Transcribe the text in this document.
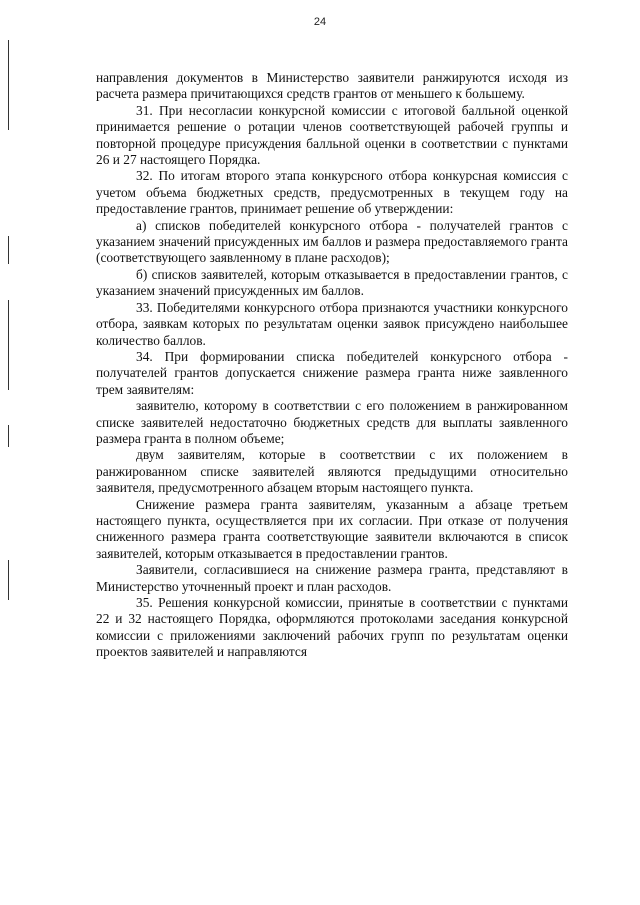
24

направления документов в Министерство заявители ранжируются исходя из расчета размера причитающихся средств грантов от меньшего к большему.

31. При несогласии конкурсной комиссии с итоговой балльной оценкой принимается решение о ротации членов соответствующей рабочей группы и повторной процедуре присуждения балльной оценки в соответствии с пунктами 26 и 27 настоящего Порядка.

32. По итогам второго этапа конкурсного отбора конкурсная комиссия с учетом объема бюджетных средств, предусмотренных в текущем году на предоставление грантов, принимает решение об утверждении:

а) списков победителей конкурсного отбора - получателей грантов с указанием значений присужденных им баллов и размера предоставляемого гранта (соответствующего заявленному в плане расходов);

б) списков заявителей, которым отказывается в предоставлении грантов, с указанием значений присужденных им баллов.

33. Победителями конкурсного отбора признаются участники конкурсного отбора, заявкам которых по результатам оценки заявок присуждено наибольшее количество баллов.

34. При формировании списка победителей конкурсного отбора - получателей грантов допускается снижение размера гранта ниже заявленного трем заявителям:

заявителю, которому в соответствии с его положением в ранжированном списке заявителей недостаточно бюджетных средств для выплаты заявленного размера гранта в полном объеме;

двум заявителям, которые в соответствии с их положением в ранжированном списке заявителей являются предыдущими относительно заявителя, предусмотренного абзацем вторым настоящего пункта.

Снижение размера гранта заявителям, указанным а абзаце третьем настоящего пункта, осуществляется при их согласии. При отказе от получения сниженного размера гранта соответствующие заявители включаются в список заявителей, которым отказывается в предоставлении грантов.

Заявители, согласившиеся на снижение размера гранта, представляют в Министерство уточненный проект и план расходов.

35. Решения конкурсной комиссии, принятые в соответствии с пунктами 22 и 32 настоящего Порядка, оформляются протоколами заседания конкурсной комиссии с приложениями заключений рабочих групп по результатам оценки проектов заявителей и направляются
